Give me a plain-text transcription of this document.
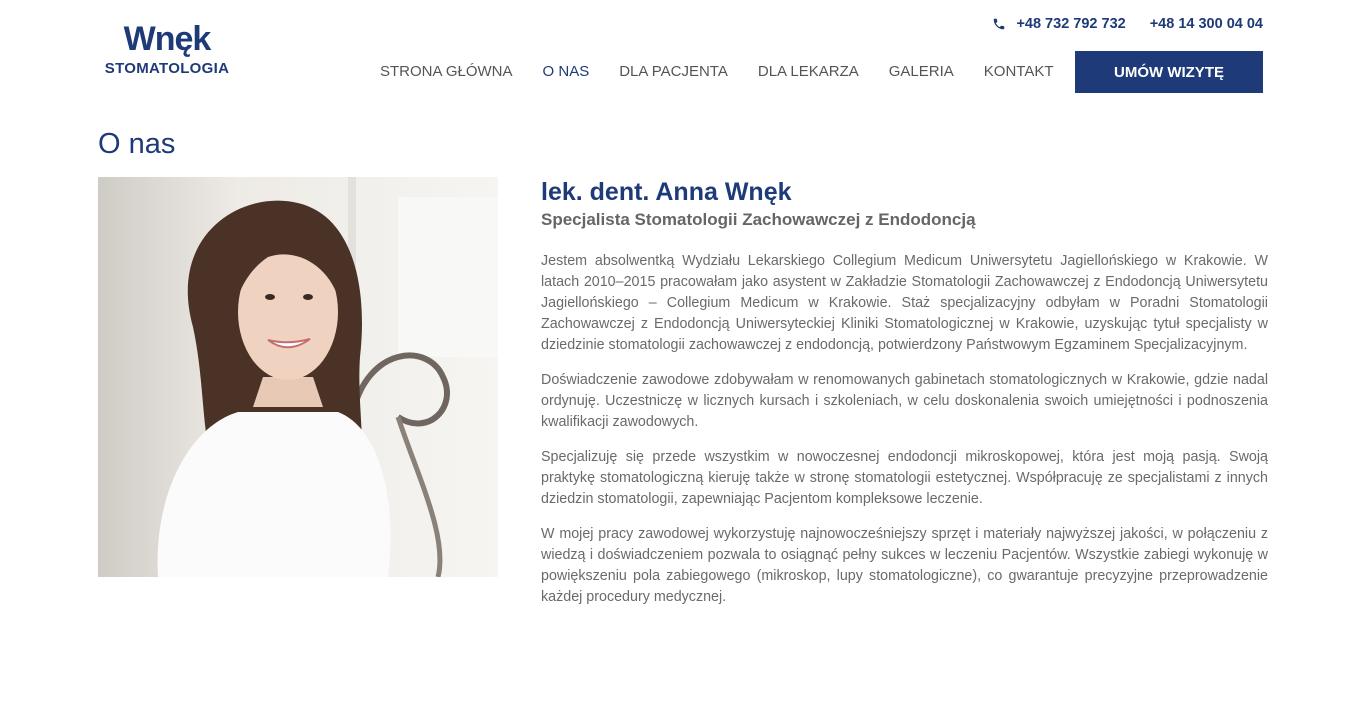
Wnęk
STOMATOLOGIA
+48 732 792 732 +48 14 300 04 04
STRONA GŁÓWNA O NAS DLA PACJENTA DLA LEKARZA GALERIA KONTAKT	UMÓW WIZYTĘ
O nas
lek. dent. Anna Wnęk
Specjalista Stomatologii Zachowawczej z Endodoncją

Jestem absolwentką Wydziału Lekarskiego Collegium Medicum Uniwersytetu Jagiellońskiego w Krakowie. W latach 2010–2015 pracowałam jako asystent w Zakładzie Stomatologii Zachowawczej z Endodoncją Uniwersytetu Jagiellońskiego – Collegium Medicum w Krakowie. Staż specjalizacyjny odbyłam w Poradni Stomatologii Zachowawczej z Endodoncją Uniwersyteckiej Kliniki Stomatologicznej w Krakowie, uzyskując tytuł specjalisty w dziedzinie stomatologii zachowawczej z endodoncją, potwierdzony Państwowym Egzaminem Specjalizacyjnym.

Doświadczenie zawodowe zdobywałam w renomowanych gabinetach stomatologicznych w Krakowie, gdzie nadal ordynuję. Uczestniczę w licznych kursach i szkoleniach, w celu doskonalenia swoich umiejętności i podnoszenia kwalifikacji zawodowych.

Specjalizuję się przede wszystkim w nowoczesnej endodoncji mikroskopowej, która jest moją pasją. Swoją praktykę stomatologiczną kieruję także w stronę stomatologii estetycznej. Współpracuję ze specjalistami z innych dziedzin stomatologii, zapewniając Pacjentom kompleksowe leczenie.

W mojej pracy zawodowej wykorzystuję najnowocześniejszy sprzęt i materiały najwyższej jakości, w połączeniu z wiedzą i doświadczeniem pozwala to osiągnąć pełny sukces w leczeniu Pacjentów. Wszystkie zabiegi wykonuję w powiększeniu pola zabiegowego (mikroskop, lupy stomatologiczne), co gwarantuje precyzyjne przeprowadzenie każdej procedury medycznej.
